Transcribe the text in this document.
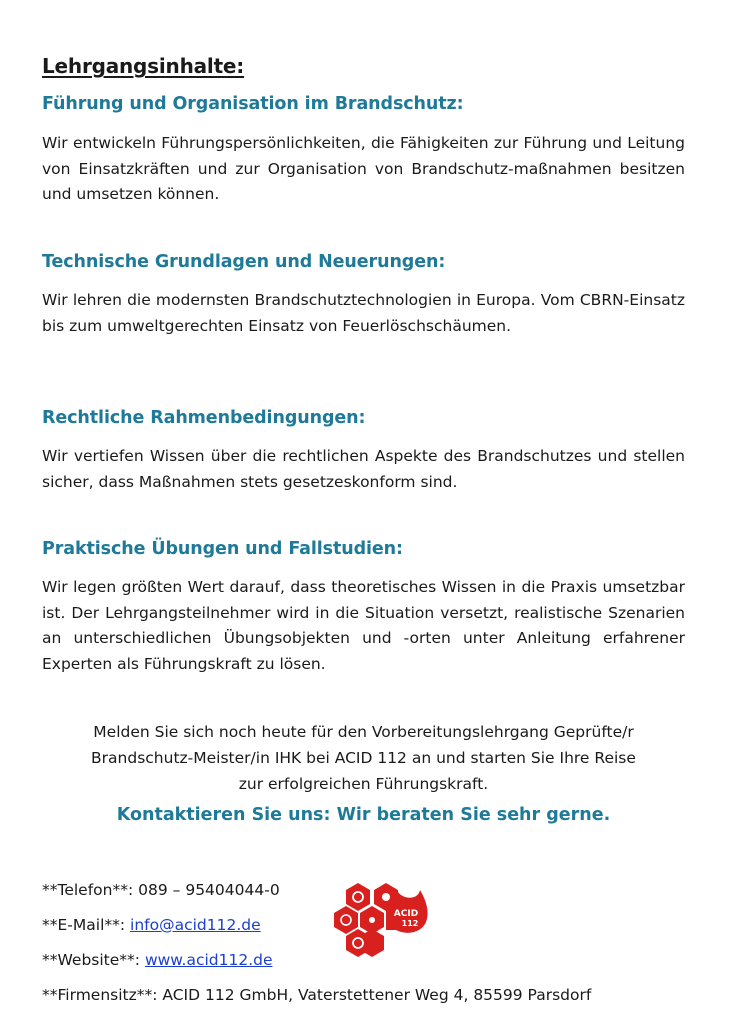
Lehrgangsinhalte:
Führung und Organisation im Brandschutz:

Wir entwickeln Führungspersönlichkeiten, die Fähigkeiten zur Führung und Leitung von Einsatzkräften und zur Organisation von Brandschutz-maßnahmen besitzen und umsetzen können.

Technische Grundlagen und Neuerungen:

Wir lehren die modernsten Brandschutztechnologien in Europa. Vom CBRN-Einsatz bis zum umweltgerechten Einsatz von Feuerlöschschäumen.

Rechtliche Rahmenbedingungen:

Wir vertiefen Wissen über die rechtlichen Aspekte des Brandschutzes und stellen sicher, dass Maßnahmen stets gesetzeskonform sind.

Praktische Übungen und Fallstudien:

Wir legen größten Wert darauf, dass theoretisches Wissen in die Praxis umsetzbar ist. Der Lehrgangsteilnehmer wird in die Situation versetzt, realistische Szenarien an unterschiedlichen Übungsobjekten und -orten unter Anleitung erfahrener Experten als Führungskraft zu lösen.

Melden Sie sich noch heute für den Vorbereitungslehrgang Geprüfte/r
Brandschutz-Meister/in IHK bei ACID 112 an und starten Sie Ihre Reise
zur erfolgreichen Führungskraft.
Kontaktieren Sie uns: Wir beraten Sie sehr gerne.
**Telefon**: 089 – 95404044-0
**E-Mail**: info@acid112.de
**Website**: www.acid112.de
**Firmensitz**: ACID 112 GmbH, Vaterstettener Weg 4, 85599 Parsdorf
ACID
112
